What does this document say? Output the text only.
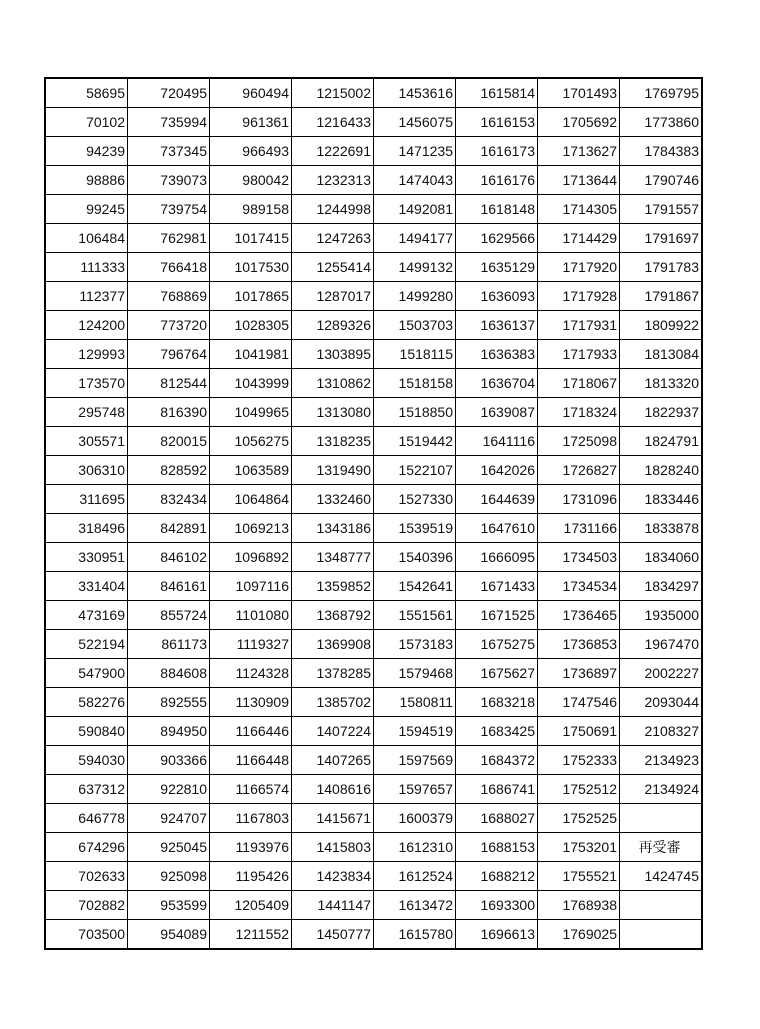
58695	720495	960494	1215002	1453616	1615814	1701493	1769795
70102	735994	961361	1216433	1456075	1616153	1705692	1773860
94239	737345	966493	1222691	1471235	1616173	1713627	1784383
98886	739073	980042	1232313	1474043	1616176	1713644	1790746
99245	739754	989158	1244998	1492081	1618148	1714305	1791557
106484	762981	1017415	1247263	1494177	1629566	1714429	1791697
111333	766418	1017530	1255414	1499132	1635129	1717920	1791783
112377	768869	1017865	1287017	1499280	1636093	1717928	1791867
124200	773720	1028305	1289326	1503703	1636137	1717931	1809922
129993	796764	1041981	1303895	1518115	1636383	1717933	1813084
173570	812544	1043999	1310862	1518158	1636704	1718067	1813320
295748	816390	1049965	1313080	1518850	1639087	1718324	1822937
305571	820015	1056275	1318235	1519442	1641116	1725098	1824791
306310	828592	1063589	1319490	1522107	1642026	1726827	1828240
311695	832434	1064864	1332460	1527330	1644639	1731096	1833446
318496	842891	1069213	1343186	1539519	1647610	1731166	1833878
330951	846102	1096892	1348777	1540396	1666095	1734503	1834060
331404	846161	1097116	1359852	1542641	1671433	1734534	1834297
473169	855724	1101080	1368792	1551561	1671525	1736465	1935000
522194	861173	1119327	1369908	1573183	1675275	1736853	1967470
547900	884608	1124328	1378285	1579468	1675627	1736897	2002227
582276	892555	1130909	1385702	1580811	1683218	1747546	2093044
590840	894950	1166446	1407224	1594519	1683425	1750691	2108327
594030	903366	1166448	1407265	1597569	1684372	1752333	2134923
637312	922810	1166574	1408616	1597657	1686741	1752512	2134924
646778	924707	1167803	1415671	1600379	1688027	1752525	
674296	925045	1193976	1415803	1612310	1688153	1753201	再受審
702633	925098	1195426	1423834	1612524	1688212	1755521	1424745
702882	953599	1205409	1441147	1613472	1693300	1768938	
703500	954089	1211552	1450777	1615780	1696613	1769025	
